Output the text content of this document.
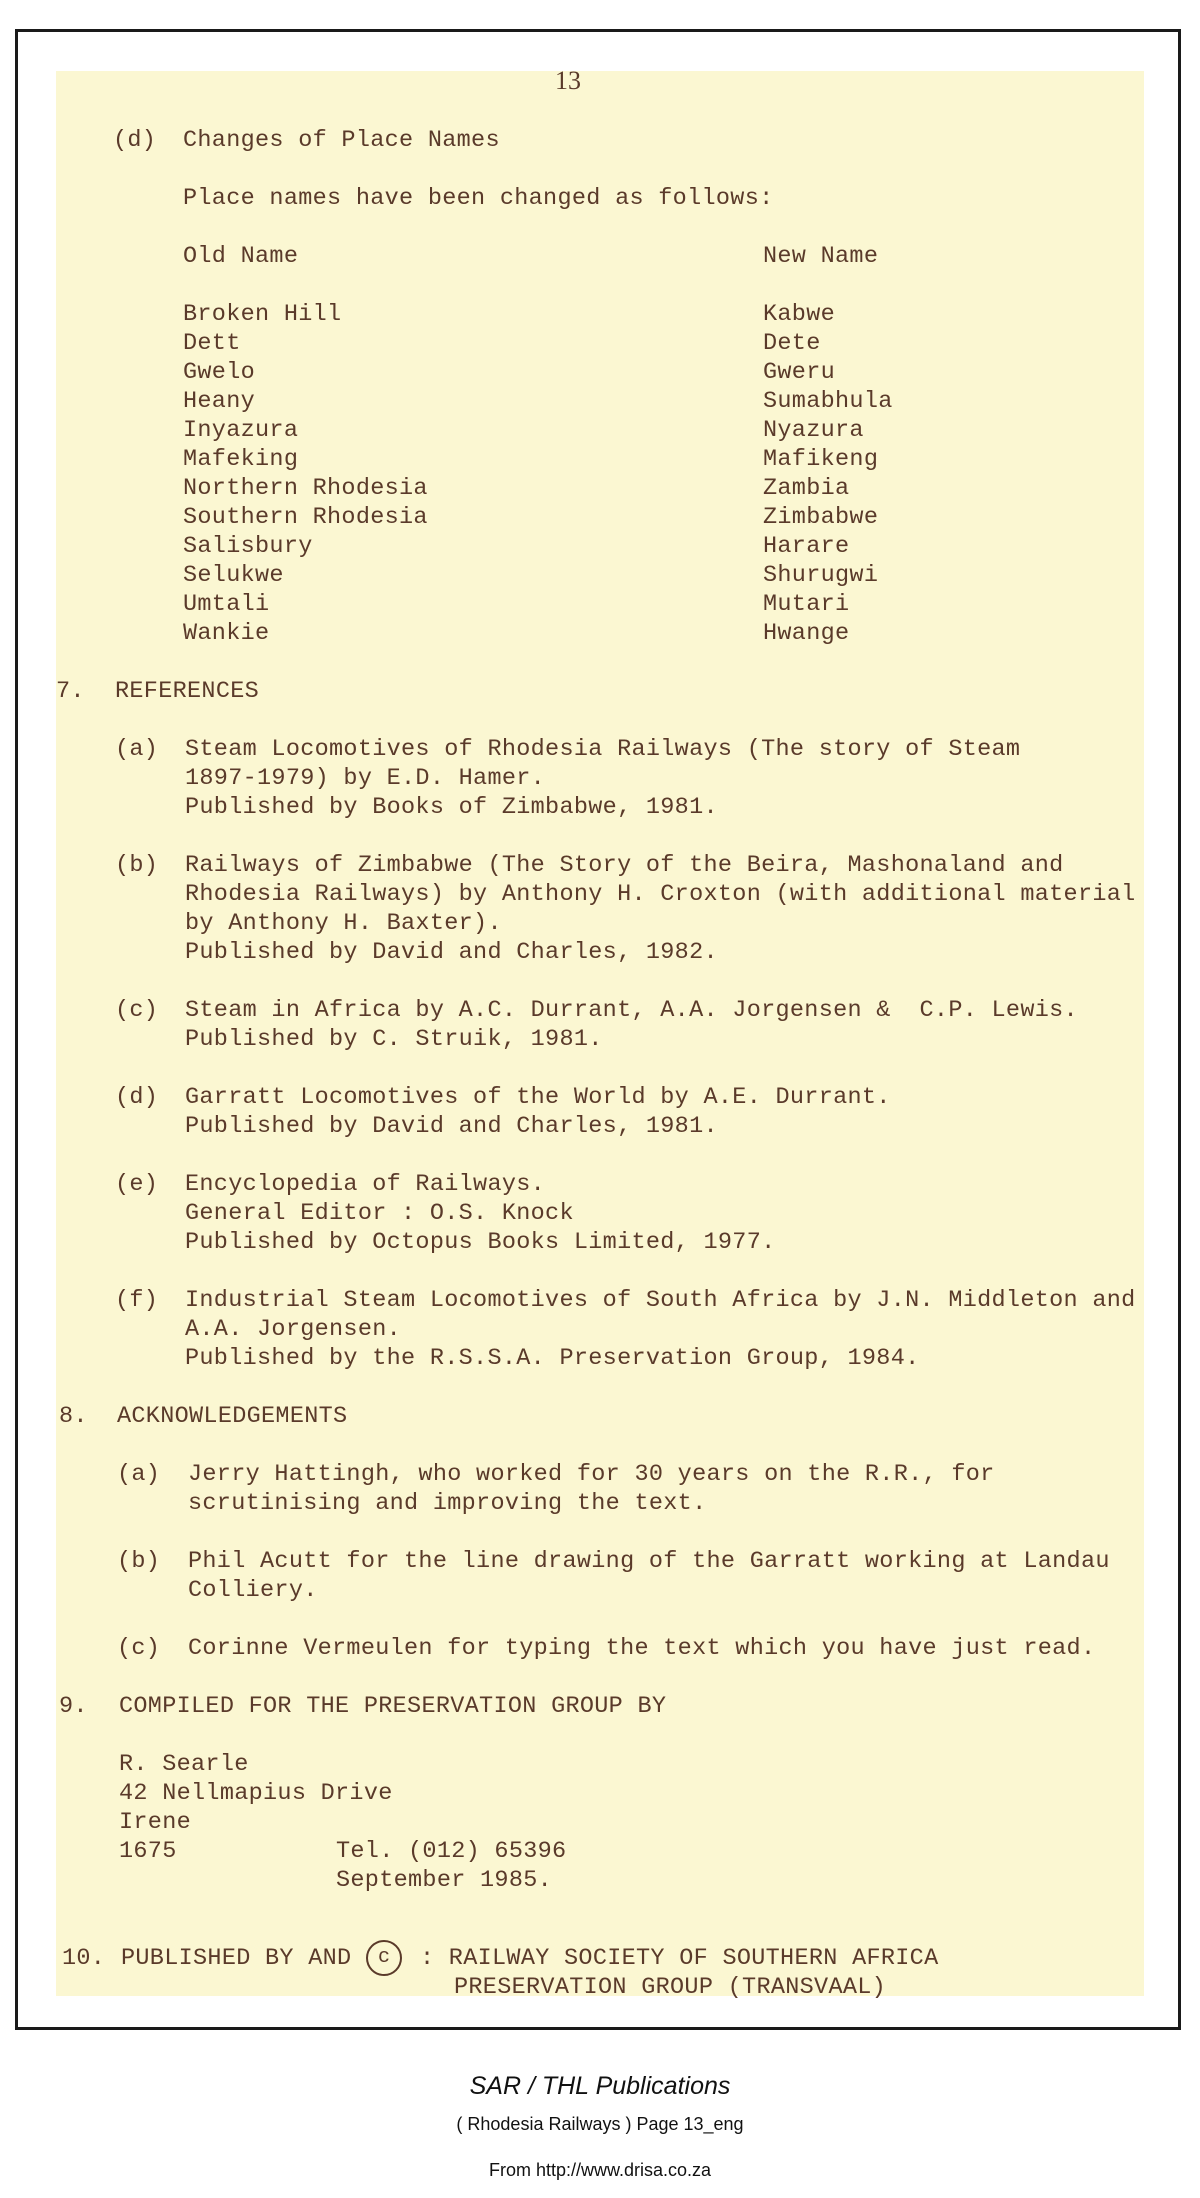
13
(d) Changes of Place Names
Place names have been changed as follows:
Old Name	New Name
Broken Hill	Kabwe
Dett	Dete
Gwelo	Gweru
Heany	Sumabhula
Inyazura	Nyazura
Mafeking	Mafikeng
Northern Rhodesia	Zambia
Southern Rhodesia	Zimbabwe
Salisbury	Harare
Selukwe	Shurugwi
Umtali	Mutari
Wankie	Hwange
7. REFERENCES
(a) Steam Locomotives of Rhodesia Railways (The story of Steam
1897-1979) by E.D. Hamer.
Published by Books of Zimbabwe, 1981.
(b) Railways of Zimbabwe (The Story of the Beira, Mashonaland and
Rhodesia Railways) by Anthony H. Croxton (with additional material
by Anthony H. Baxter).
Published by David and Charles, 1982.
(c) Steam in Africa by A.C. Durrant, A.A. Jorgensen &  C.P. Lewis.
Published by C. Struik, 1981.
(d) Garratt Locomotives of the World by A.E. Durrant.
Published by David and Charles, 1981.
(e) Encyclopedia of Railways.
General Editor : O.S. Knock
Published by Octopus Books Limited, 1977.
(f) Industrial Steam Locomotives of South Africa by J.N. Middleton and
A.A. Jorgensen.
Published by the R.S.S.A. Preservation Group, 1984.
8. ACKNOWLEDGEMENTS
(a) Jerry Hattingh, who worked for 30 years on the R.R., for
scrutinising and improving the text.
(b) Phil Acutt for the line drawing of the Garratt working at Landau
Colliery.
(c) Corinne Vermeulen for typing the text which you have just read.
9. COMPILED FOR THE PRESERVATION GROUP BY
R. Searle
42 Nellmapius Drive
Irene
1675	Tel. (012) 65396
September 1985.
10. PUBLISHED BY AND	c	: RAILWAY SOCIETY OF SOUTHERN AFRICA
PRESERVATION GROUP (TRANSVAAL)
SAR / THL Publications
( Rhodesia Railways ) Page 13_eng
From http://www.drisa.co.za
